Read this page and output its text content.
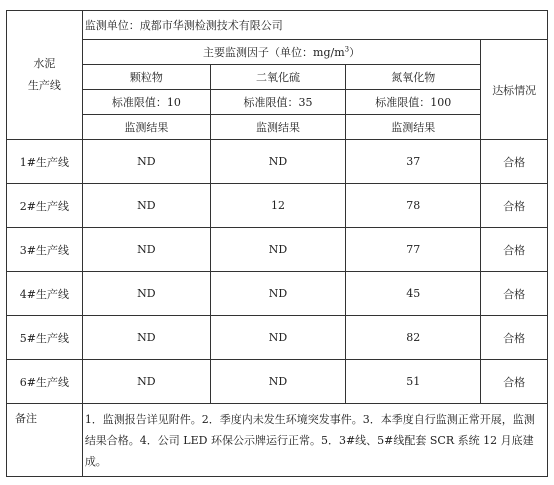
水泥
生产线	监测单位：成都市华测检测技术有限公司			
	主要监测因子（单位：$mg/m^3$）			达标情况
	颗粒物	二氧化硫	氮氧化物	
	标准限值：10	标准限值：35	标准限值：100	
	监测结果	监测结果	监测结果	
1#生产线	ND	ND	37	合格
2#生产线	ND	12	78	合格
3#生产线	ND	ND	77	合格
4#生产线	ND	ND	45	合格
5#生产线	ND	ND	82	合格
6#生产线	ND	ND	51	合格
备注	1．监测报告详见附件。2．季度内未发生环境突发事件。3．本季度自行监测正常开展，监测结果合格。4．公司 LED 环保公示牌运行正常。5．3#线、5#线配套 SCR 系统 12 月底建成。			
